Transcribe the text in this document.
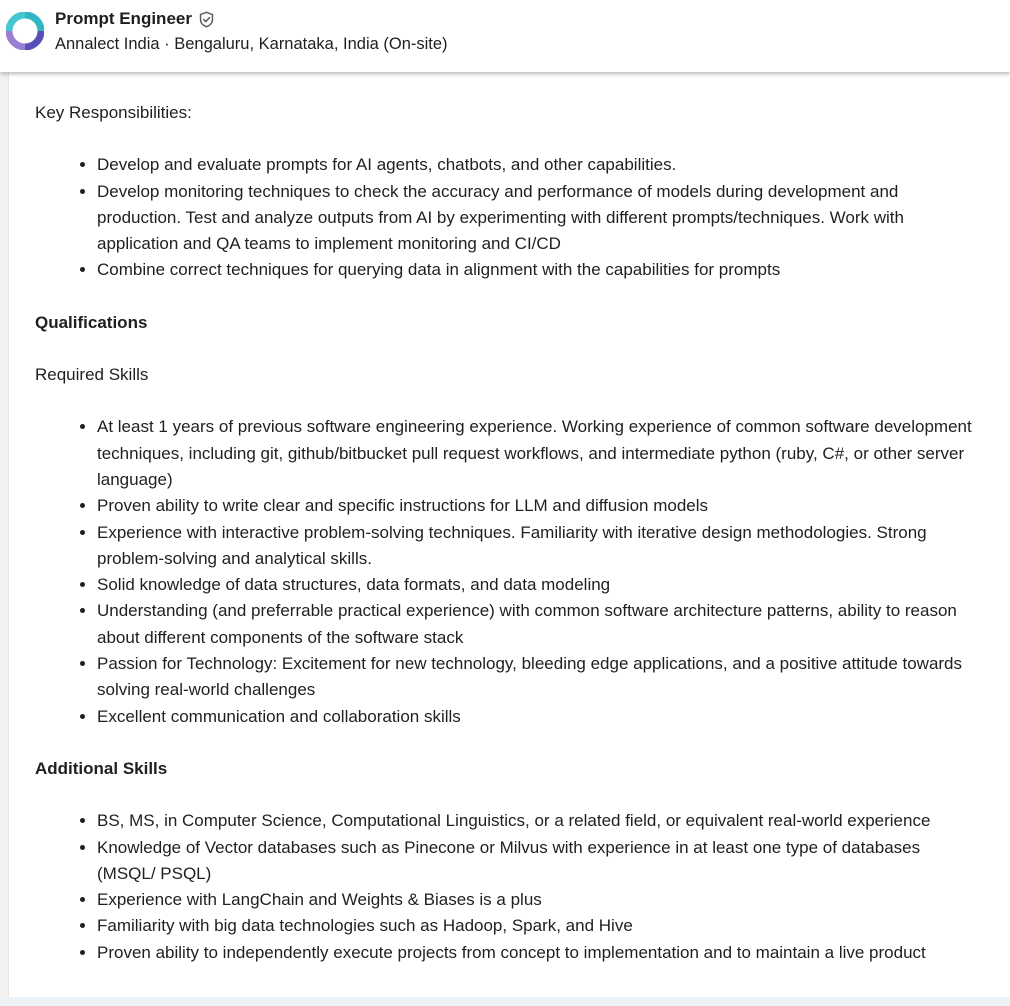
Prompt Engineer
Annalect India · Bengaluru, Karnataka, India (On-site)

Key Responsibilities:

• Develop and evaluate prompts for AI agents, chatbots, and other capabilities.
• Develop monitoring techniques to check the accuracy and performance of models during development and production. Test and analyze outputs from AI by experimenting with different prompts/techniques. Work with application and QA teams to implement monitoring and CI/CD
• Combine correct techniques for querying data in alignment with the capabilities for prompts

Qualifications

Required Skills

• At least 1 years of previous software engineering experience. Working experience of common software development techniques, including git, github/bitbucket pull request workflows, and intermediate python (ruby, C#, or other server language)
• Proven ability to write clear and specific instructions for LLM and diffusion models
• Experience with interactive problem-solving techniques. Familiarity with iterative design methodologies. Strong problem-solving and analytical skills.
• Solid knowledge of data structures, data formats, and data modeling
• Understanding (and preferrable practical experience) with common software architecture patterns, ability to reason about different components of the software stack
• Passion for Technology: Excitement for new technology, bleeding edge applications, and a positive attitude towards solving real-world challenges
• Excellent communication and collaboration skills

Additional Skills

• BS, MS, in Computer Science, Computational Linguistics, or a related field, or equivalent real-world experience
• Knowledge of Vector databases such as Pinecone or Milvus with experience in at least one type of databases (MSQL/ PSQL)
• Experience with LangChain and Weights & Biases is a plus
• Familiarity with big data technologies such as Hadoop, Spark, and Hive
• Proven ability to independently execute projects from concept to implementation and to maintain a live product
